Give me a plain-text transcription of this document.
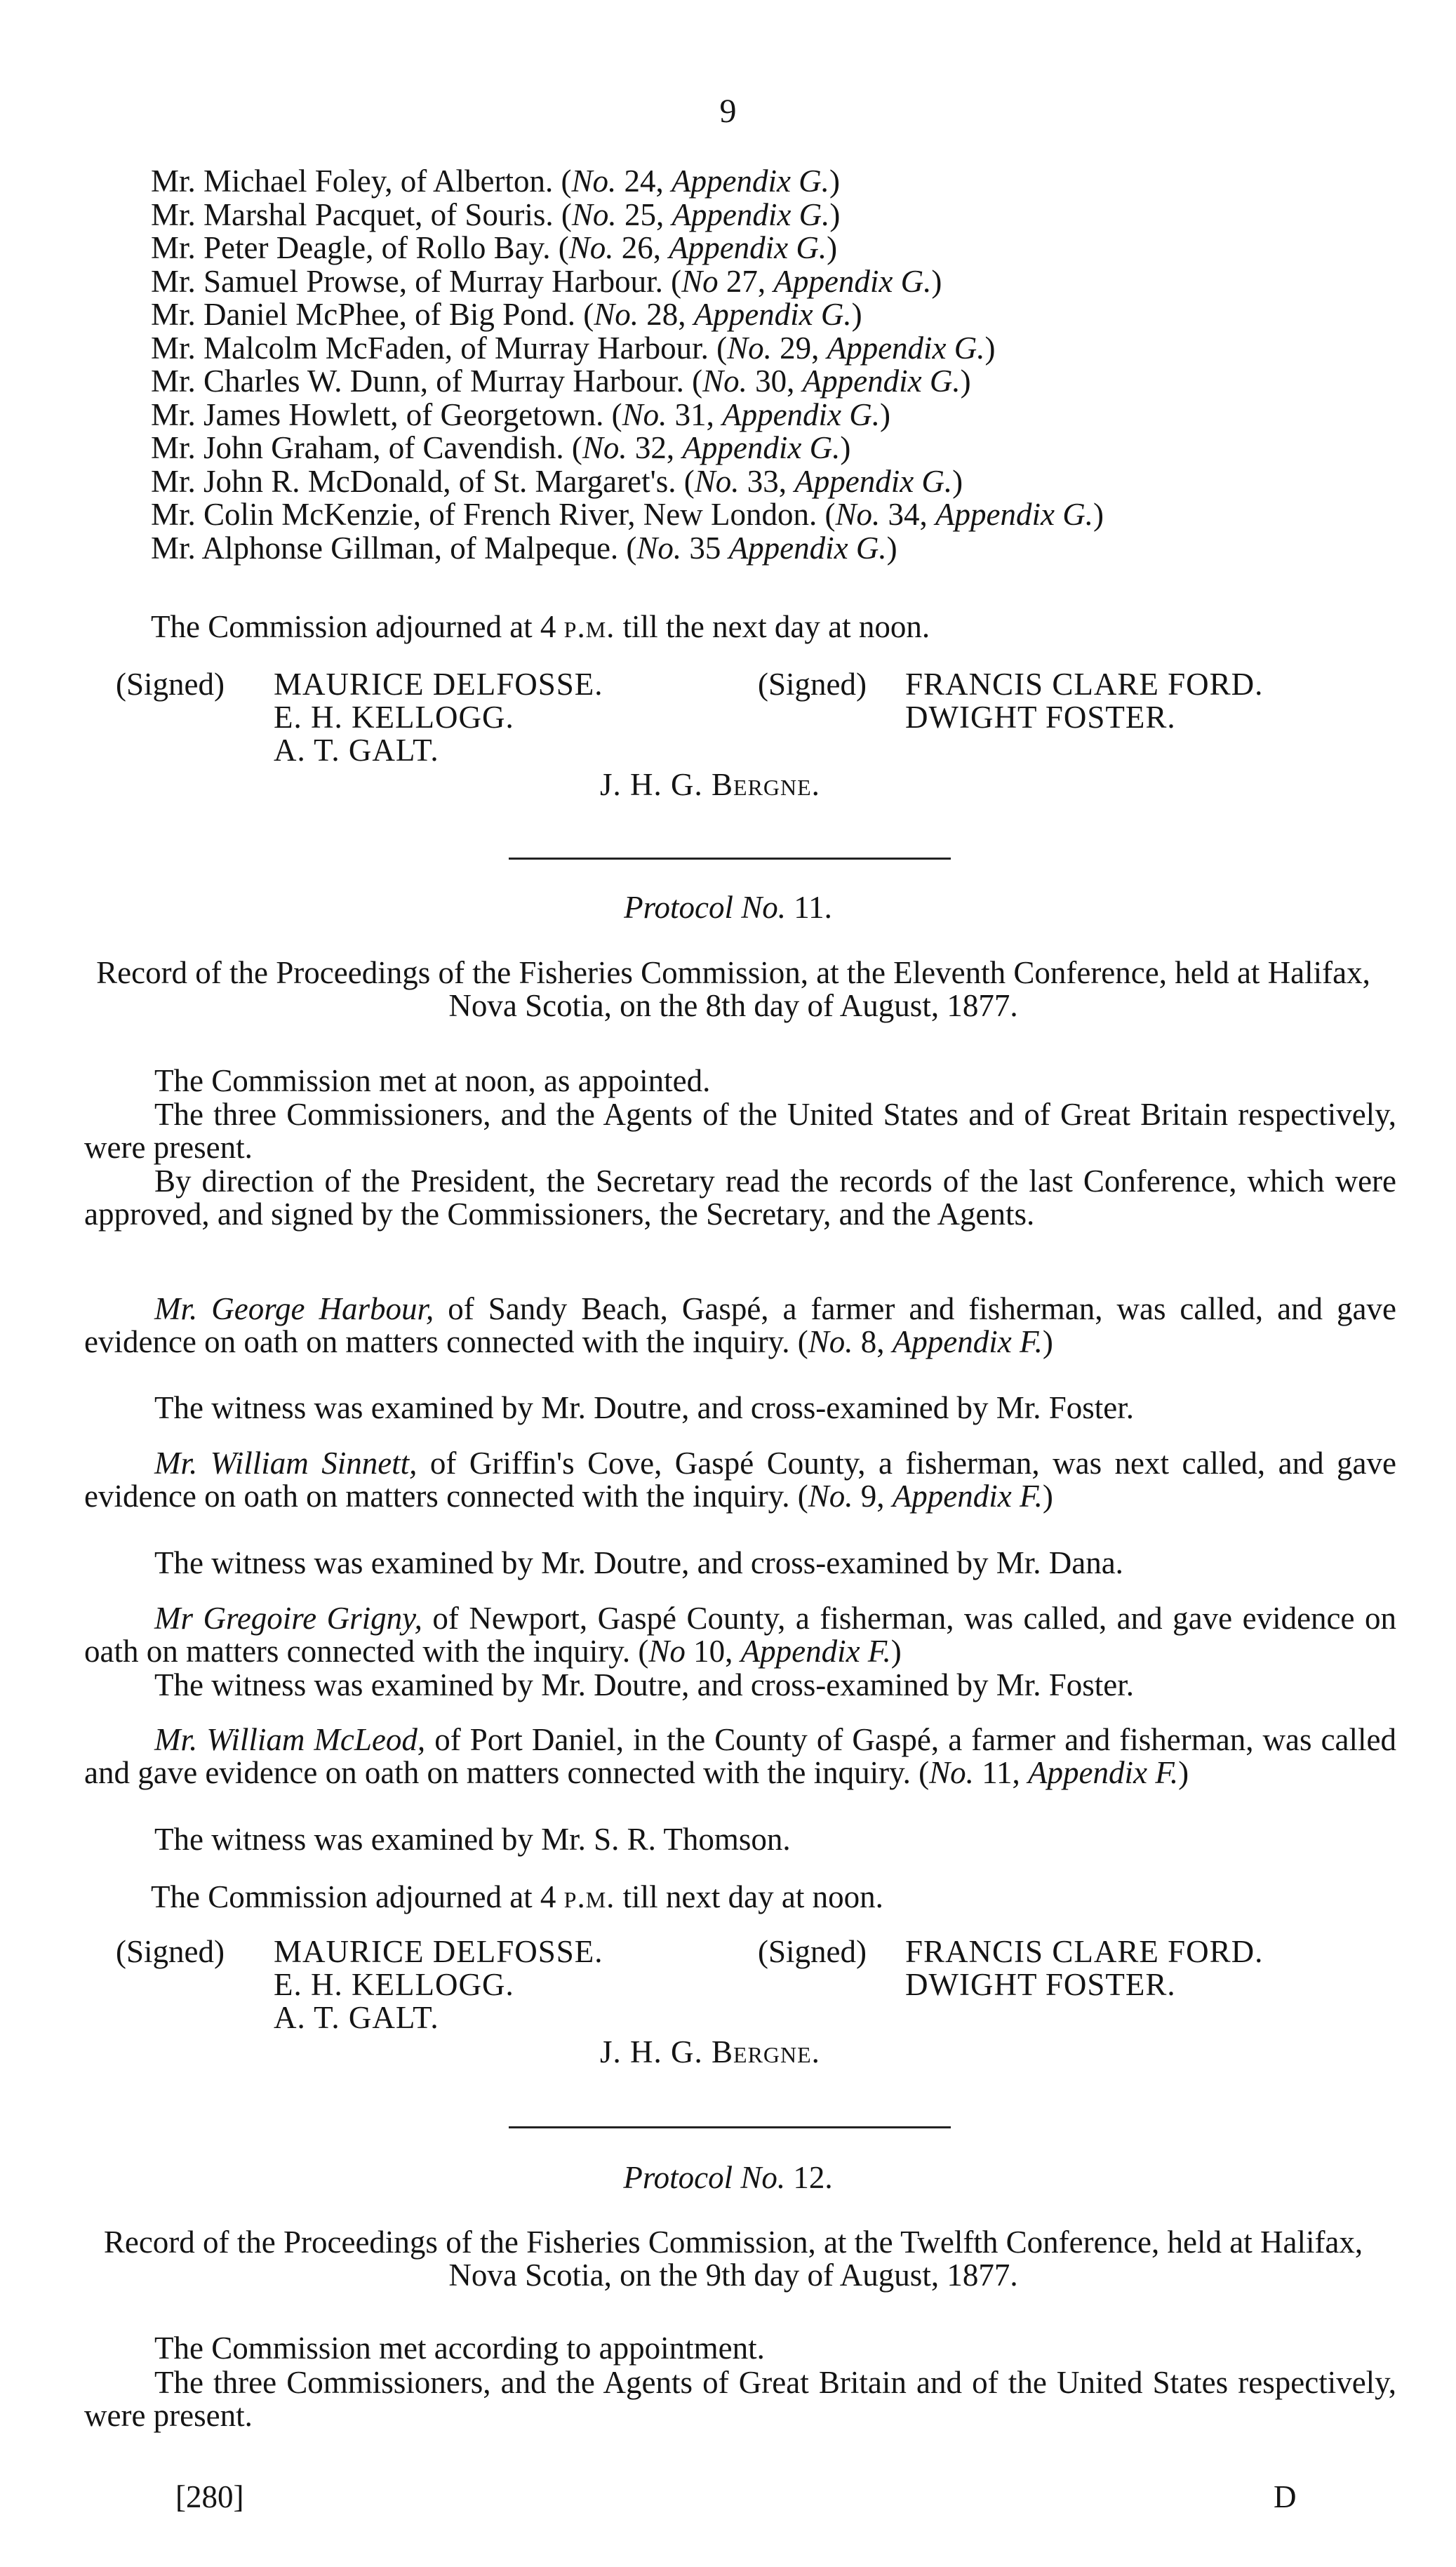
9
Mr. Michael Foley, of Alberton. (No. 24, Appendix G.)
Mr. Marshal Pacquet, of Souris. (No. 25, Appendix G.)
Mr. Peter Deagle, of Rollo Bay. (No. 26, Appendix G.)
Mr. Samuel Prowse, of Murray Harbour. (No 27, Appendix G.)
Mr. Daniel McPhee, of Big Pond. (No. 28, Appendix G.)
Mr. Malcolm McFaden, of Murray Harbour. (No. 29, Appendix G.)
Mr. Charles W. Dunn, of Murray Harbour. (No. 30, Appendix G.)
Mr. James Howlett, of Georgetown. (No. 31, Appendix G.)
Mr. John Graham, of Cavendish. (No. 32, Appendix G.)
Mr. John R. McDonald, of St. Margaret's. (No. 33, Appendix G.)
Mr. Colin McKenzie, of French River, New London. (No. 34, Appendix G.)
Mr. Alphonse Gillman, of Malpeque. (No. 35 Appendix G.)
The Commission adjourned at 4 p.m. till the next day at noon.
(Signed) MAURICE DELFOSSE.
E. H. KELLOGG.
A. T. GALT.
(Signed) FRANCIS CLARE FORD.
DWIGHT FOSTER.
J. H. G. Bergne.
Protocol No. 11.
Record of the Proceedings of the Fisheries Commission, at the Eleventh Conference, held at Halifax, Nova Scotia, on the 8th day of August, 1877.
The Commission met at noon, as appointed.
The three Commissioners, and the Agents of the United States and of Great Britain respectively, were present.
By direction of the President, the Secretary read the records of the last Conference, which were approved, and signed by the Commissioners, the Secretary, and the Agents.
Mr. George Harbour, of Sandy Beach, Gaspé, a farmer and fisherman, was called, and gave evidence on oath on matters connected with the inquiry. (No. 8, Appendix F.)
The witness was examined by Mr. Doutre, and cross-examined by Mr. Foster.
Mr. William Sinnett, of Griffin's Cove, Gaspé County, a fisherman, was next called, and gave evidence on oath on matters connected with the inquiry. (No. 9, Appendix F.)
The witness was examined by Mr. Doutre, and cross-examined by Mr. Dana.
Mr Gregoire Grigny, of Newport, Gaspé County, a fisherman, was called, and gave evidence on oath on matters connected with the inquiry. (No 10, Appendix F.)
The witness was examined by Mr. Doutre, and cross-examined by Mr. Foster.
Mr. William McLeod, of Port Daniel, in the County of Gaspé, a farmer and fisherman, was called and gave evidence on oath on matters connected with the inquiry. (No. 11, Appendix F.)
The witness was examined by Mr. S. R. Thomson.
The Commission adjourned at 4 p.m. till next day at noon.
(Signed) MAURICE DELFOSSE.
E. H. KELLOGG.
A. T. GALT.
(Signed) FRANCIS CLARE FORD.
DWIGHT FOSTER.
J. H. G. Bergne.
Protocol No. 12.
Record of the Proceedings of the Fisheries Commission, at the Twelfth Conference, held at Halifax, Nova Scotia, on the 9th day of August, 1877.
The Commission met according to appointment.
The three Commissioners, and the Agents of Great Britain and of the United States respectively, were present.
[280]	D
